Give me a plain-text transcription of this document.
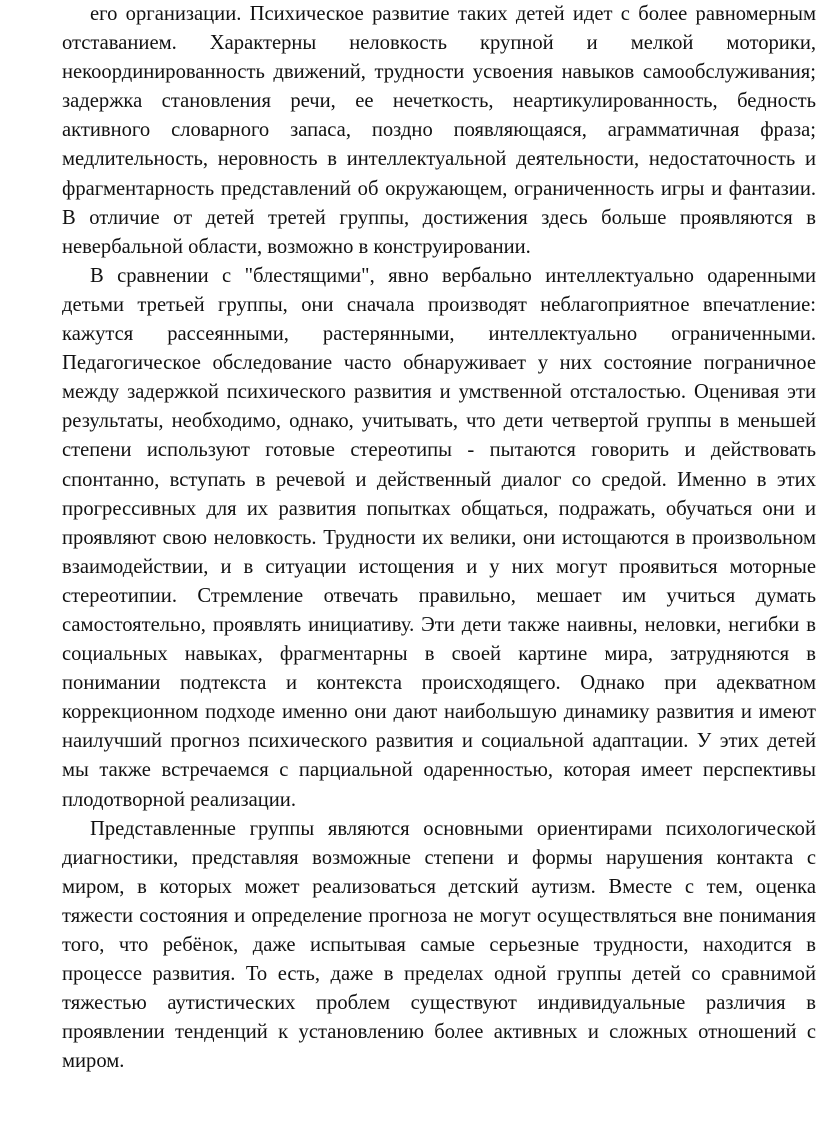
его организации. Психическое развитие таких детей идет с более равномерным отставанием. Характерны неловкость крупной и мелкой моторики, некоординированность движений, трудности усвоения навыков самообслуживания; задержка становления речи, ее нечеткость, неартикулированность, бедность активного словарного запаса, поздно появляющаяся, аграмматичная фраза; медлительность, неровность в интеллектуальной деятельности, недостаточность и фрагментарность представлений об окружающем, ограниченность игры и фантазии. В отличие от детей третей группы, достижения здесь больше проявляются в невербальной области, возможно в конструировании.

В сравнении с "блестящими", явно вербально интеллектуально одаренными детьми третьей группы, они сначала производят неблагоприятное впечатление: кажутся рассеянными, растерянными, интеллектуально ограниченными. Педагогическое обследование часто обнаруживает у них состояние пограничное между задержкой психического развития и умственной отсталостью. Оценивая эти результаты, необходимо, однако, учитывать, что дети четвертой группы в меньшей степени используют готовые стереотипы - пытаются говорить и действовать спонтанно, вступать в речевой и действенный диалог со средой. Именно в этих прогрессивных для их развития попытках общаться, подражать, обучаться они и проявляют свою неловкость. Трудности их велики, они истощаются в произвольном взаимодействии, и в ситуации истощения и у них могут проявиться моторные стереотипии. Стремление отвечать правильно, мешает им учиться думать самостоятельно, проявлять инициативу. Эти дети также наивны, неловки, негибки в социальных навыках, фрагментарны в своей картине мира, затрудняются в понимании подтекста и контекста происходящего. Однако при адекватном коррекционном подходе именно они дают наибольшую динамику развития и имеют наилучший прогноз психического развития и социальной адаптации. У этих детей мы также встречаемся с парциальной одаренностью, которая имеет перспективы плодотворной реализации.

Представленные группы являются основными ориентирами психологической диагностики, представляя возможные степени и формы нарушения контакта с миром, в которых может реализоваться детский аутизм. Вместе с тем, оценка тяжести состояния и определение прогноза не могут осуществляться вне понимания того, что ребёнок, даже испытывая самые серьезные трудности, находится в процессе развития. То есть, даже в пределах одной группы детей со сравнимой тяжестью аутистических проблем существуют индивидуальные различия в проявлении тенденций к установлению более активных и сложных отношений с миром.
